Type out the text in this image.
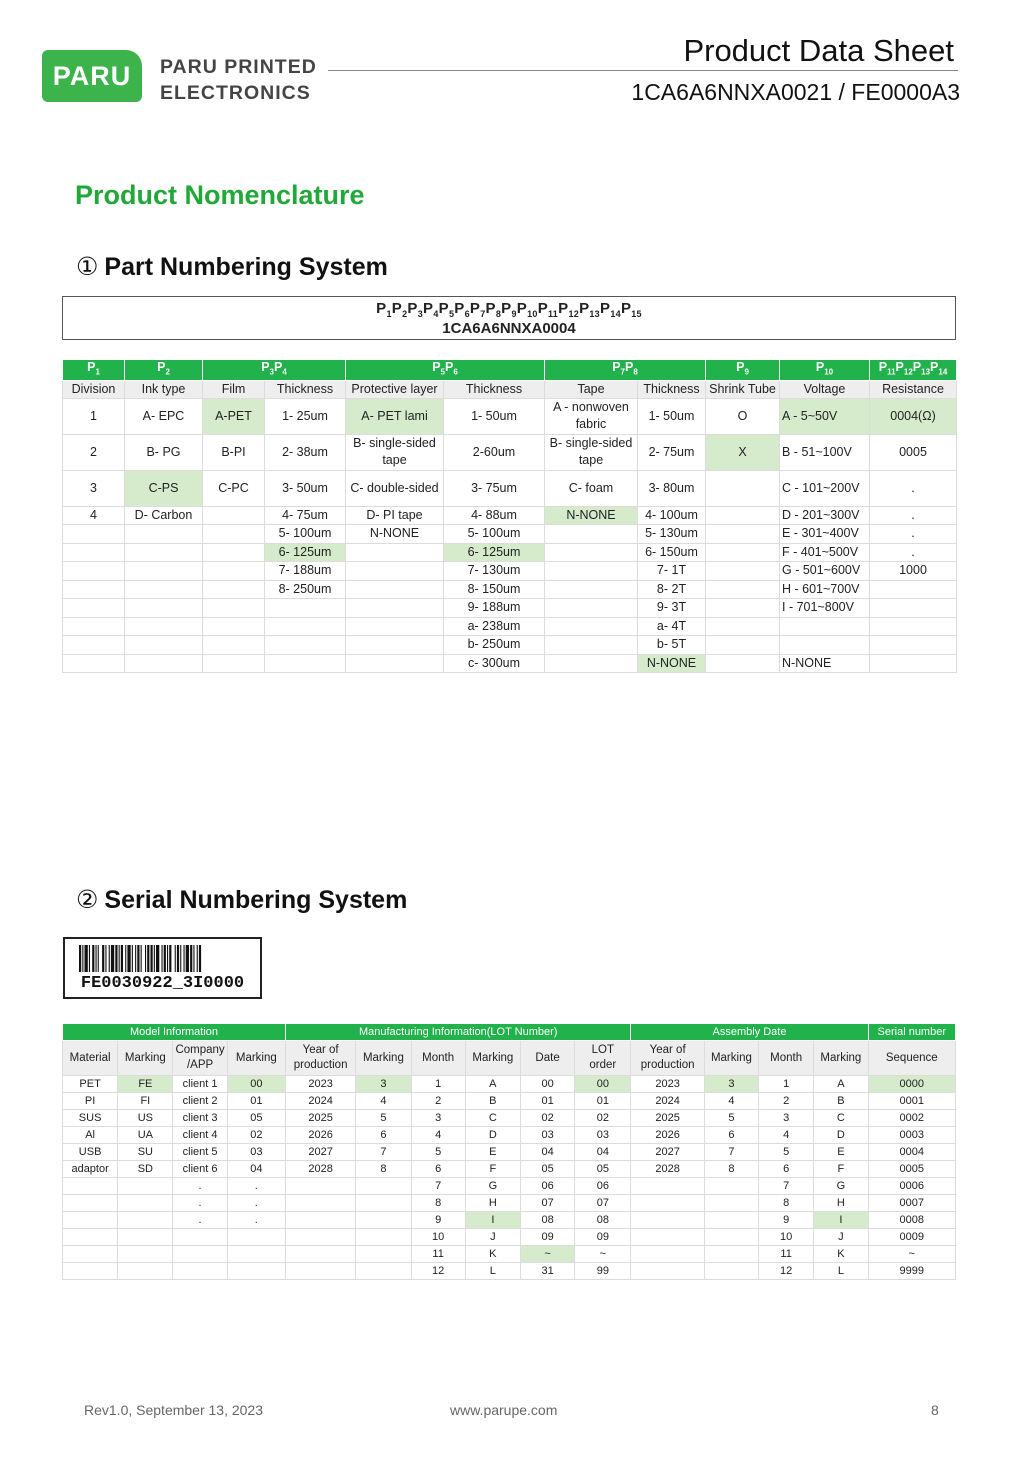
PARU PARU PRINTED
ELECTRONICS
Product Data Sheet
1CA6A6NNXA0021 / FE0000A3
Product Nomenclature
① Part Numbering System
$P_1P_2P_3P_4P_5P_6P_7P_8P_9P_{10}P_{11}P_{12}P_{13}P_{14}P_{15}$
1CA6A6NNXA0004
$P_1$	$P_2$	$P_3P_4$		$P_5P_6$		$P_7P_8$		$P_9$	$P_{10}$	$P_{11}P_{12}P_{13}P_{14}$
Division	Ink type	Film	Thickness	Protective layer	Thickness	Tape	Thickness	Shrink Tube	Voltage	Resistance
1	A- EPC	A-PET	1- 25um	A- PET lami	1- 50um	A - nonwoven fabric	1- 50um	O	A - 5~50V	0004(Ω)
2	B- PG	B-PI	2- 38um	B- single-sided tape	2-60um	B- single-sided tape	2- 75um	X	B - 51~100V	0005
3	C-PS	C-PC	3- 50um	C- double-sided	3- 75um	C- foam	3- 80um		C - 101~200V	.
4	D- Carbon		4- 75um	D- PI tape	4- 88um	N-NONE	4- 100um		D - 201~300V	.
			5- 100um	N-NONE	5- 100um		5- 130um		E - 301~400V	.
			6- 125um		6- 125um		6- 150um		F - 401~500V	.
			7- 188um		7- 130um		7- 1T		G - 501~600V	1000
			8- 250um		8- 150um		8- 2T		H - 601~700V	
					9- 188um		9- 3T		I - 701~800V	
					a- 238um		a- 4T			
					b- 250um		b- 5T			
					c- 300um		N-NONE		N-NONE	
② Serial Numbering System
FE0030922_3I0000
Model Information				Manufacturing Information(LOT Number)						Assembly Date				Serial number
Material	Marking	Company /APP	Marking	Year of production	Marking	Month	Marking	Date	LOT order	Year of production	Marking	Month	Marking	Sequence
PET	FE	client 1	00	2023	3	1	A	00	00	2023	3	1	A	0000
PI	FI	client 2	01	2024	4	2	B	01	01	2024	4	2	B	0001
SUS	US	client 3	05	2025	5	3	C	02	02	2025	5	3	C	0002
Al	UA	client 4	02	2026	6	4	D	03	03	2026	6	4	D	0003
USB	SU	client 5	03	2027	7	5	E	04	04	2027	7	5	E	0004
adaptor	SD	client 6	04	2028	8	6	F	05	05	2028	8	6	F	0005
		.	.			7	G	06	06			7	G	0006
		.	.			8	H	07	07			8	H	0007
		.	.			9	I	08	08			9	I	0008
						10	J	09	09			10	J	0009
						11	K	~	~			11	K	~
						12	L	31	99			12	L	9999
Rev1.0, September 13, 2023	www.parupe.com	8
